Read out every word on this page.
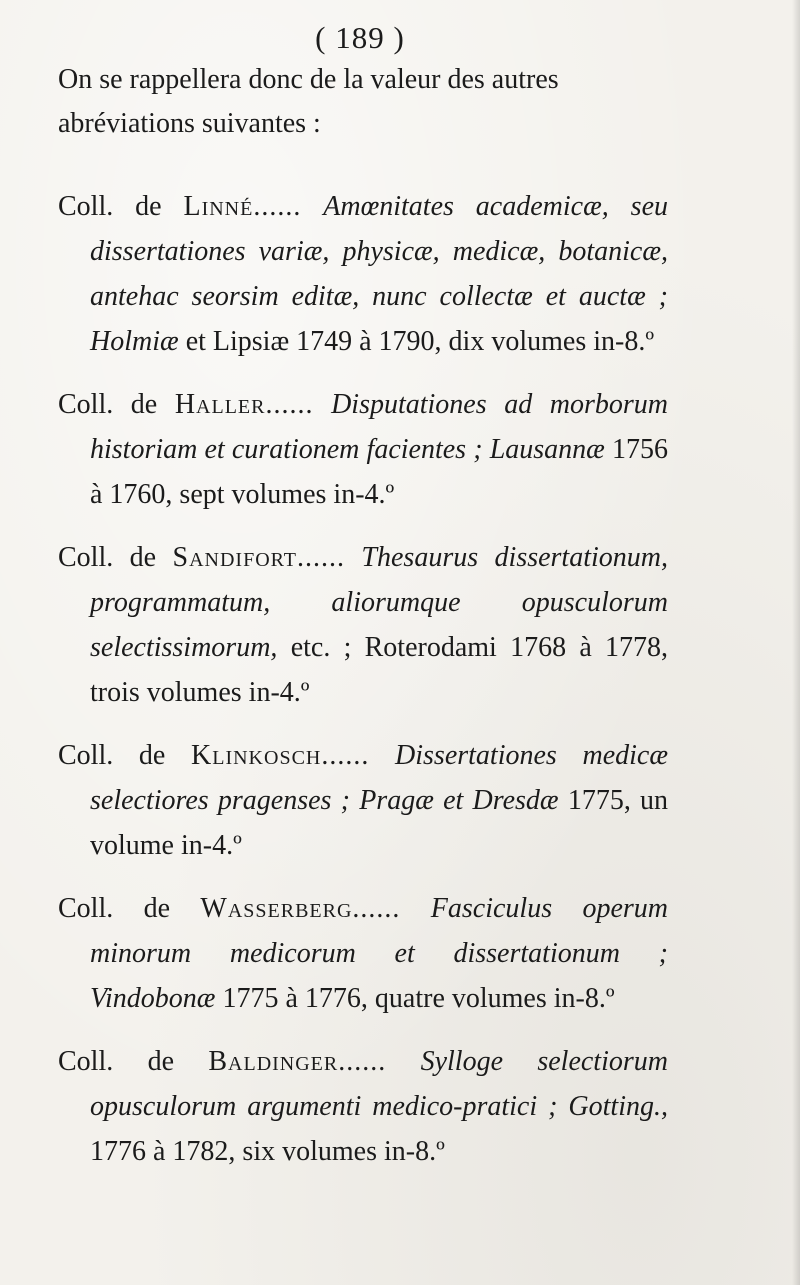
( 189 )

On se rappellera donc de la valeur des autres abréviations suivantes :

Coll. de Linné...... Amœnitates academicæ, seu dissertationes variæ, physicæ, medicæ, botanicæ, antehac seorsim editæ, nunc collectæ et auctæ ; Holmiæ et Lipsiæ 1749 à 1790, dix volumes in-8.º

Coll. de Haller...... Disputationes ad morborum historiam et curationem facientes ; Lausannæ 1756 à 1760, sept volumes in-4.º

Coll. de Sandifort...... Thesaurus dissertationum, programmatum, aliorumque opusculorum selectissimorum, etc. ; Roterodami 1768 à 1778, trois volumes in-4.º

Coll. de Klinkosch...... Dissertationes medicæ selectiores pragenses ; Pragæ et Dresdæ 1775, un volume in-4.º

Coll. de Wasserberg...... Fasciculus operum minorum medicorum et dissertationum ; Vindobonæ 1775 à 1776, quatre volumes in-8.º

Coll. de Baldinger...... Sylloge selectiorum opusculorum argumenti medico-pratici ; Gotting., 1776 à 1782, six volumes in-8.º
